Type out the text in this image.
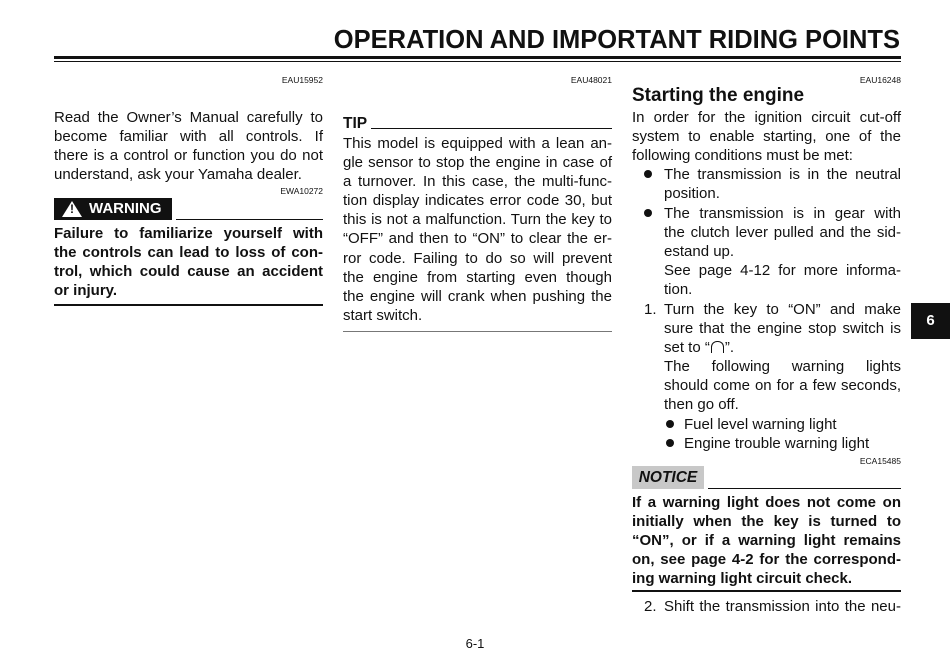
OPERATION AND IMPORTANT RIDING POINTS
EAU15952
Read the Owner’s Manual carefully to
become familiar with all controls. If
there is a control or function you do not
understand, ask your Yamaha dealer.
EWA10272
! WARNING
Failure to familiarize yourself with
the controls can lead to loss of con-
trol, which could cause an accident
or injury.
EAU48021
TIP
This model is equipped with a lean an-
gle sensor to stop the engine in case of
a turnover. In this case, the multi-func-
tion display indicates error code 30, but
this is not a malfunction. Turn the key to
“OFF” and then to “ON” to clear the er-
ror code. Failing to do so will prevent
the engine from starting even though
the engine will crank when pushing the
start switch.
EAU16248
Starting the engine
In order for the ignition circuit cut-off
system to enable starting, one of the
following conditions must be met:
The transmission is in the neutral
position.
The transmission is in gear with
the clutch lever pulled and the sid-
estand up.
See page 4-12 for more informa-
tion.
1. Turn the key to “ON” and make
sure that the engine stop switch is
set to “ ”.
The following warning lights
should come on for a few seconds,
then go off.
Fuel level warning light
Engine trouble warning light
ECA15485
NOTICE
If a warning light does not come on
initially when the key is turned to
“ON”, or if a warning light remains
on, see page 4-2 for the correspond-
ing warning light circuit check.
2. Shift the transmission into the neu-
6
6-1
